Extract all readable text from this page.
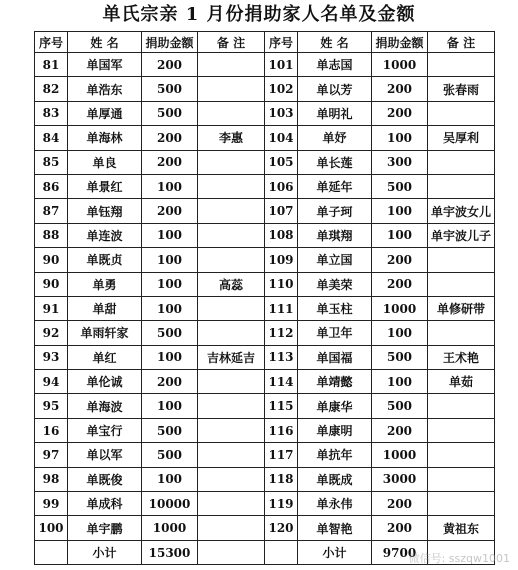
单氏宗亲 1 月份捐助家人名单及金额
序号	姓 名	捐助金额	备 注	序号	姓 名	捐助金额	备 注
81	单国军	200		101	单志国	1000	
82	单浩东	500		102	单以芳	200	张春雨
83	单厚通	500		103	单明礼	200	
84	单海林	200	李惠	104	单妤	100	吴厚利
85	单良	200		105	单长莲	300	
86	单景红	100		106	单延年	500	
87	单钰翔	200		107	单子珂	100	单宇波女儿
88	单连波	100		108	单琪翔	100	单宇波儿子
90	单既贞	100		109	单立国	200	
90	单勇	100	高蕊	110	单美荣	200	
91	单甜	100		111	单玉柱	1000	单修研带
92	单雨轩家	500		112	单卫年	100	
93	单红	100	吉林延吉	113	单国福	500	王术艳
94	单伦诚	200		114	单靖懿	100	单茹
95	单海波	100		115	单康华	500	
16	单宝行	500		116	单康明	200	
97	单以军	500		117	单抗年	1000	
98	单既俊	100		118	单既成	3000	
99	单成科	10000		119	单永伟	200	
100	单宇鹏	1000		120	单智艳	200	黄祖东
	小计	15300			小计	9700	
微信号: sszqw1001
